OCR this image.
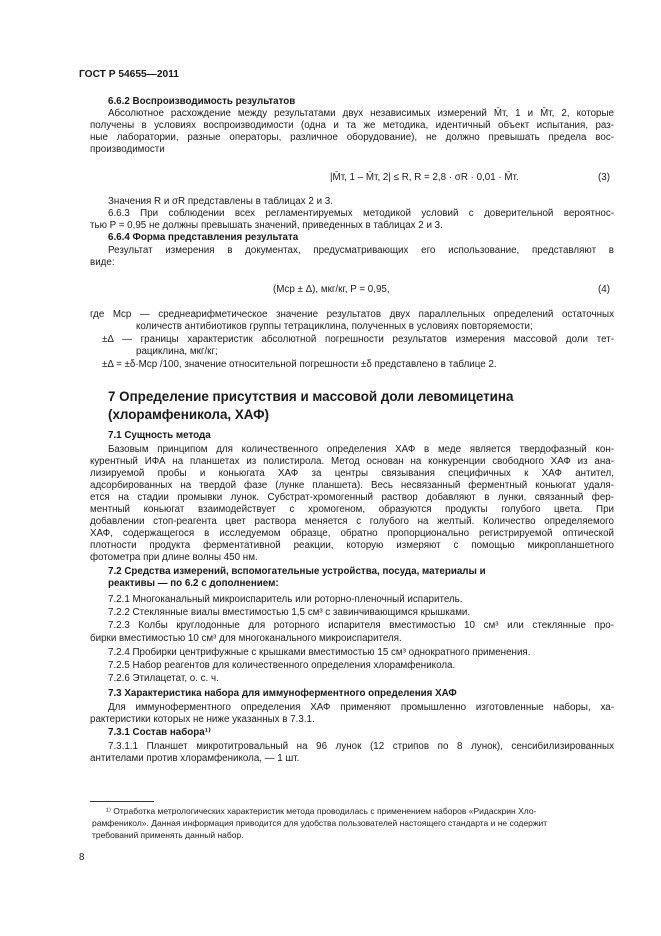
ГОСТ Р 54655—2011
6.6.2 Воспроизводимость результатов
Абсолютное расхождение между результатами двух независимых измерений M̄т, 1 и M̄т, 2, которые
получены в условиях воспроизводимости (одна и та же методика, идентичный объект испытания, раз-
ные лаборатории, разные операторы, различное оборудование), не должно превышать предела вос-
производимости
Значения R и σR представлены в таблицах 2 и 3.
6.6.3 При соблюдении всех регламентируемых методикой условий с доверительной вероятнос-
тью P = 0,95 не должны превышать значений, приведенных в таблицах 2 и 3.
6.6.4 Форма представления результата
Результат измерения в документах, предусматривающих его использование, представляют в
виде:
где Mср — среднеарифметическое значение результатов двух параллельных определений остаточных
количеств антибиотиков группы тетрациклина, полученных в условиях повторяемости;
±Δ — границы характеристик абсолютной погрешности результатов измерения массовой доли тет-
рациклина, мкг/кг;
±Δ = ±δ·Mср /100, значение относительной погрешности ±δ представлено в таблице 2.
7.1 Сущность метода
Базовым принципом для количественного определения ХАФ в меде является твердофазный кон-
курентный ИФА на планшетах из полистирола. Метод основан на конкуренции свободного ХАФ из ана-
лизируемой пробы и коньюгата ХАФ за центры связывания специфичных к ХАФ антител,
адсорбированных на твердой фазе (лунке планшета). Весь несвязанный ферментный коньюгат удаля-
ется на стадии промывки лунок. Субстрат-хромогенный раствор добавляют в лунки, связанный фер-
ментный коньюгат взаимодействует с хромогеном, образуются продукты голубого цвета. При
добавлении стоп-реагента цвет раствора меняется с голубого на желтый. Количество определяемого
ХАФ, содержащегося в исследуемом образце, обратно пропорционально регистрируемой оптической
плотности продукта ферментативной реакции, которую измеряют с помощью микропланшетного
фотометра при длине волны 450 нм.
7.2 Средства измерений, вспомогательные устройства, посуда, материалы и
реактивы — по 6.2 с дополнением:
7.2.1 Многоканальный микроиспаритель или роторно-пленочный испаритель.
7.2.2 Стеклянные виалы вместимостью 1,5 см³ с завинчивающимся крышками.
7.2.3 Колбы круглодонные для роторного испарителя вместимостью 10 см³ или стеклянные про-
бирки вместимостью 10 см³ для многоканального микроиспарителя.
7.2.4 Пробирки центрифужные с крышками вместимостью 15 см³ однократного применения.
7.2.5 Набор реагентов для количественного определения хлорамфеникола.
7.2.6 Этилацетат, о. с. ч.
7.3 Характеристика набора для иммуноферментного определения ХАФ
Для иммуноферментного определения ХАФ применяют промышленно изготовленные наборы, ха-
рактеристики которых не ниже указанных в 7.3.1.
7.3.1 Состав набора¹⁾
7.3.1.1 Планшет микротитровальный на 96 лунок (12 стрипов по 8 лунок), сенсибилизированных
антителами против хлорамфеникола, — 1 шт.
|M̄т, 1 – M̄т, 2| ≤ R, R = 2,8 · σR · 0,01 · M̄т.	(3)
(Mср ± Δ), мкг/кг, P = 0,95,	(4)
7 Определение присутствия и массовой доли левомицетина
(хлорамфеникола, ХАФ)
¹⁾ Отработка метрологических характеристик метода проводилась с применением наборов «Ридаскрин Хло-
рамфеникол». Данная информация приводится для удобства пользователей настоящего стандарта и не содержит
требований применять данный набор.
8
